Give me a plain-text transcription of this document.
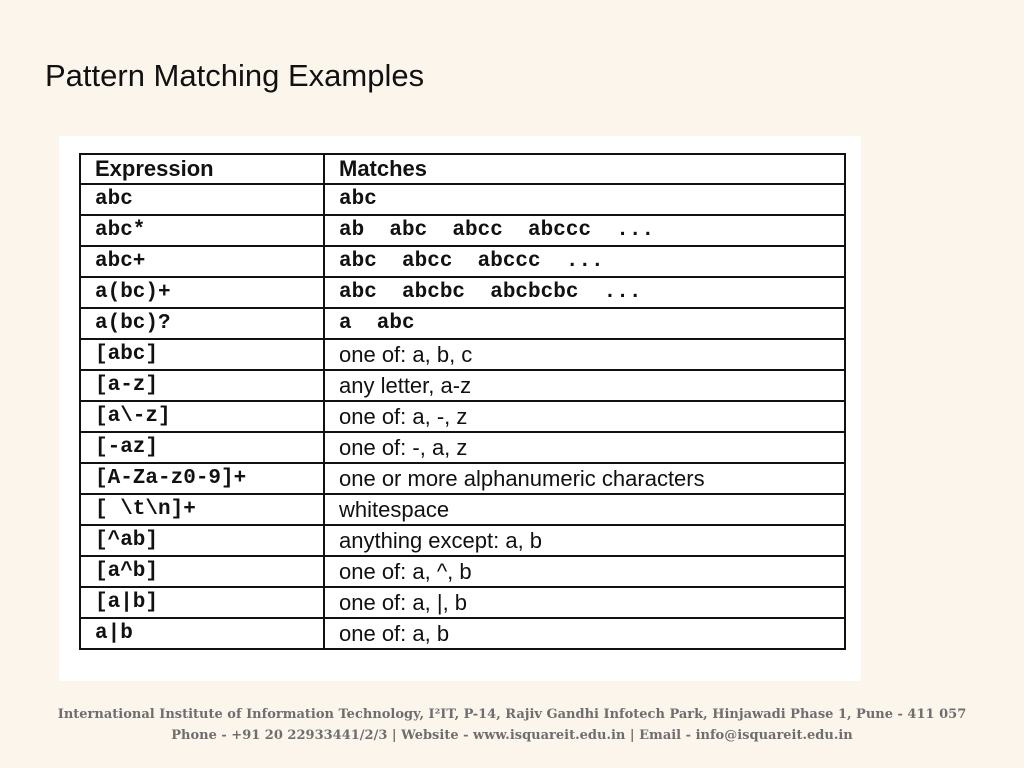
Pattern Matching Examples
Expression	Matches
abc	abc
abc*	ab  abc  abcc  abccc  ...
abc+	abc  abcc  abccc  ...
a(bc)+	abc  abcbc  abcbcbc  ...
a(bc)?	a  abc
[abc]	one of: a, b, c
[a-z]	any letter, a-z
[a\-z]	one of: a, -, z
[-az]	one of: -, a, z
[A-Za-z0-9]+	one or more alphanumeric characters
[ \t\n]+	whitespace
[^ab]	anything except: a, b
[a^b]	one of: a, ^, b
[a|b]	one of: a, |, b
a|b	one of: a, b
International Institute of Information Technology, I²IT, P-14, Rajiv Gandhi Infotech Park, Hinjawadi Phase 1, Pune - 411 057
Phone - +91 20 22933441/2/3 | Website - www.isquareit.edu.in | Email - info@isquareit.edu.in
